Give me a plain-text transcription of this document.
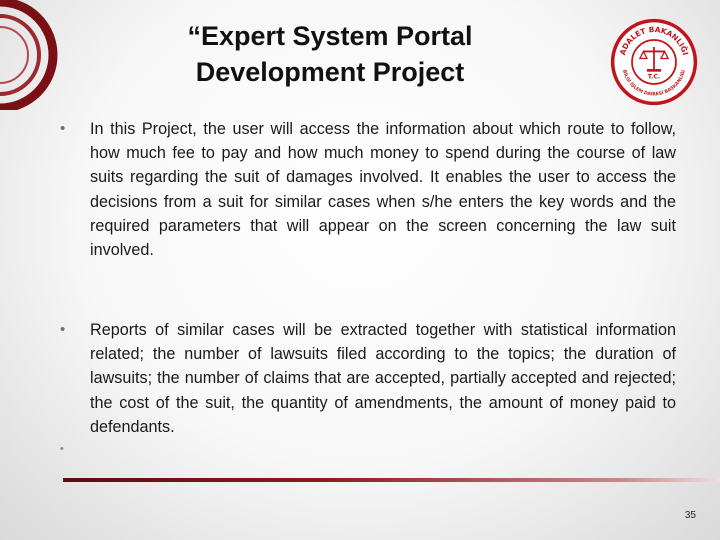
“Expert System Portal
Development Project
ADALET BAKANLIĞI
BİLGİ İŞLEM DAİRESİ BAŞKANLIĞI
T.C.
• In this Project, the user will access the information about which route to follow, how much fee to pay and how much money to spend during the course of law suits regarding the suit of damages involved. It enables the user to access the decisions from a suit for similar cases when s/he enters the key words and the required parameters that will appear on the screen concerning the law suit involved.
• Reports of similar cases will be extracted together with statistical information related; the number of lawsuits filed according to the topics; the duration of lawsuits; the number of claims that are accepted, partially accepted and rejected; the cost of the suit, the quantity of amendments, the amount of money paid to defendants.
•
35
